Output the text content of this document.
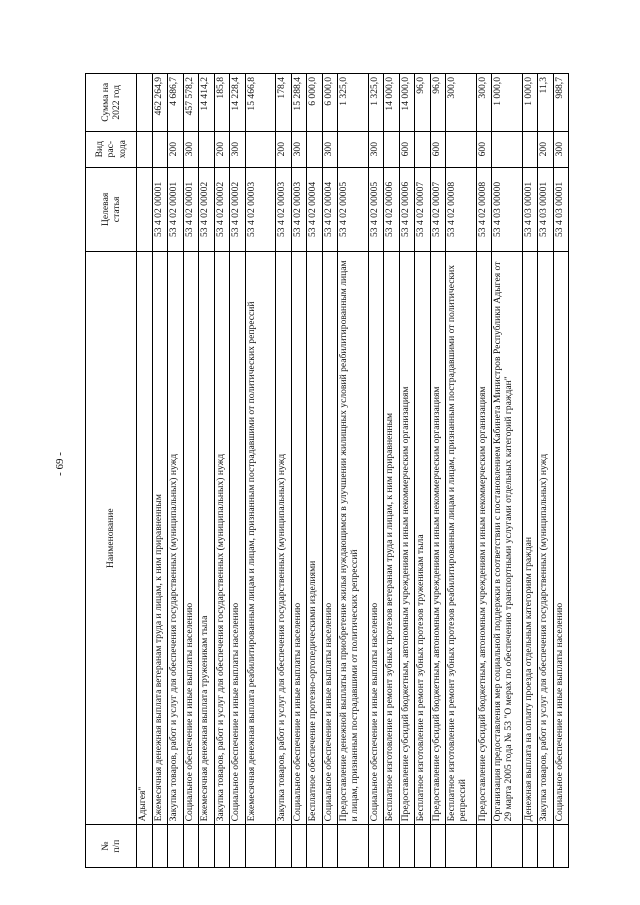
- 69 -
№ п/п	Наименование	Целевая статья	Вид рас- хода	Сумма на 2022 год

	Адыгея"			
	Ежемесячная денежная выплата ветеранам труда и лицам, к ним приравненным	53 4 02 00001		462 264,9
	Закупка товаров, работ и услуг для обеспечения государственных (муниципальных) нужд	53 4 02 00001	200	4 686,7
	Социальное обеспечение и иные выплаты населению	53 4 02 00001	300	457 578,2
	Ежемесячная денежная выплата труженикам тыла	53 4 02 00002		14 414,2
	Закупка товаров, работ и услуг для обеспечения государственных (муниципальных) нужд	53 4 02 00002	200	185,8
	Социальное обеспечение и иные выплаты населению	53 4 02 00002	300	14 228,4
	Ежемесячная денежная выплата реабилитированным лицам и лицам, признанным пострадавшими от политических репрессий	53 4 02 00003		15 466,8
	Закупка товаров, работ и услуг для обеспечения государственных (муниципальных) нужд	53 4 02 00003	200	178,4
	Социальное обеспечение и иные выплаты населению	53 4 02 00003	300	15 288,4
	Бесплатное обеспечение протезно-ортопедическими изделиями	53 4 02 00004		6 000,0
	Социальное обеспечение и иные выплаты населению	53 4 02 00004	300	6 000,0
	Предоставление денежной выплаты на приобретение жилья нуждающимся в улучшении жилищных условий реабилитированным лицам и лицам, признанным пострадавшими от политических репрессий	53 4 02 00005		1 325,0
	Социальное обеспечение и иные выплаты населению	53 4 02 00005	300	1 325,0
	Бесплатное изготовление и ремонт зубных протезов ветеранам труда и лицам, к ним приравненным	53 4 02 00006		14 000,0
	Предоставление субсидий бюджетным, автономным учреждениям и иным некоммерческим организациям	53 4 02 00006	600	14 000,0
	Бесплатное изготовление и ремонт зубных протезов труженикам тыла	53 4 02 00007		96,0
	Предоставление субсидий бюджетным, автономным учреждениям и иным некоммерческим организациям	53 4 02 00007	600	96,0
	Бесплатное изготовление и ремонт зубных протезов реабилитированным лицам и лицам, признанным пострадавшими от политических репрессий	53 4 02 00008		300,0
	Предоставление субсидий бюджетным, автономным учреждениям и иным некоммерческим организациям	53 4 02 00008	600	300,0
	Организация предоставления мер социальной поддержки в соответствии с постановлением Кабинета Министров Республики Адыгея от 29 марта 2005 года № 53 "О мерах по обеспечению транспортными услугами отдельных категорий граждан"	53 4 03 00000		1 000,0
	Денежная выплата на оплату проезда отдельным категориям граждан	53 4 03 00001		1 000,0
	Закупка товаров, работ и услуг для обеспечения государственных (муниципальных) нужд	53 4 03 00001	200	11,3
	Социальное обеспечение и иные выплаты населению	53 4 03 00001	300	988,7
